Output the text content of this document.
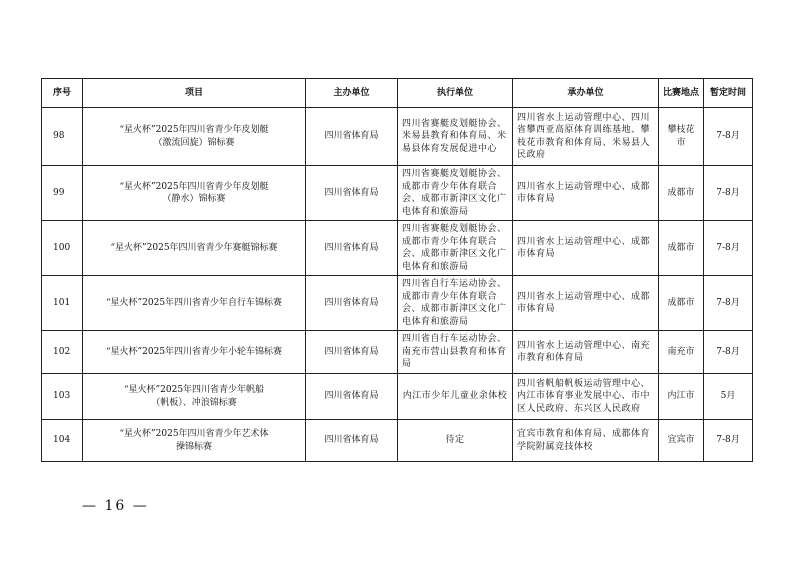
序号	项目	主办单位	执行单位	承办单位	比赛地点	暂定时间
98	“星火杯”2025年四川省青少年皮划艇（激流回旋）锦标赛	四川省体育局	四川省赛艇皮划艇协会、米易县教育和体育局、米易县体育发展促进中心	四川省水上运动管理中心、四川省攀西亚高原体育训练基地、攀枝花市教育和体育局、米易县人民政府	攀枝花市	7-8月
99	“星火杯”2025年四川省青少年皮划艇（静水）锦标赛	四川省体育局	四川省赛艇皮划艇协会、成都市青少年体育联合会、成都市新津区文化广电体育和旅游局	四川省水上运动管理中心、成都市体育局	成都市	7-8月
100	“星火杯”2025年四川省青少年赛艇锦标赛	四川省体育局	四川省赛艇皮划艇协会、成都市青少年体育联合会、成都市新津区文化广电体育和旅游局	四川省水上运动管理中心、成都市体育局	成都市	7-8月
101	“星火杯”2025年四川省青少年自行车锦标赛	四川省体育局	四川省自行车运动协会、成都市青少年体育联合会、成都市新津区文化广电体育和旅游局	四川省水上运动管理中心、成都市体育局	成都市	7-8月
102	“星火杯”2025年四川省青少年小轮车锦标赛	四川省体育局	四川省自行车运动协会、南充市营山县教育和体育局	四川省水上运动管理中心、南充市教育和体育局	南充市	7-8月
103	“星火杯”2025年四川省青少年帆船（帆板）、冲浪锦标赛	四川省体育局	内江市少年儿童业余体校	四川省帆船帆板运动管理中心、内江市体育事业发展中心、市中区人民政府、东兴区人民政府	内江市	5月
104	“星火杯”2025年四川省青少年艺术体操锦标赛	四川省体育局	待定	宜宾市教育和体育局、成都体育学院附属竞技体校	宜宾市	7-8月
— 16 —
